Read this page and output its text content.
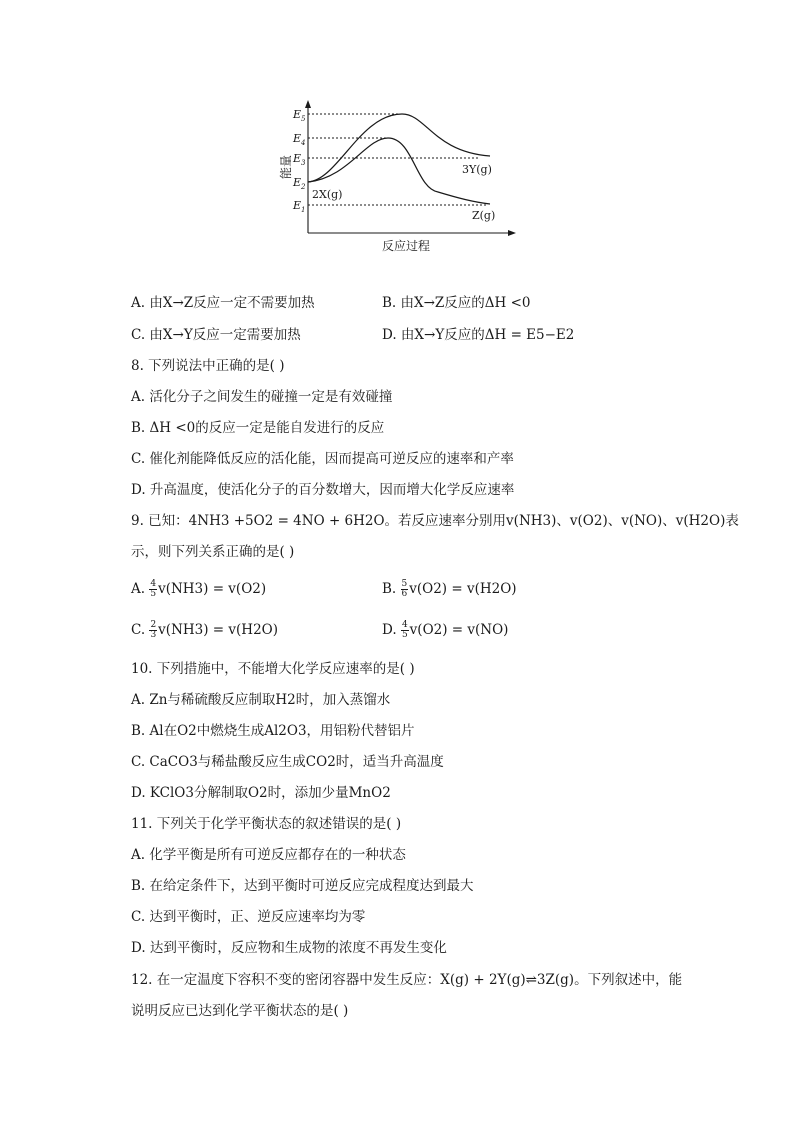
能量
反应过程
$E_5$
$E_4$
$E_3$
$E_2$
$E_1$
2X(g)
3Y(g)
Z(g)
A. 由X→Z反应一定不需要加热	B. 由X→Z反应的ΔH <0
C. 由X→Y反应一定需要加热	D. 由X→Y反应的ΔH = E5−E2
8. 下列说法中正确的是( )
A. 活化分子之间发生的碰撞一定是有效碰撞
B. ΔH <0的反应一定是能自发进行的反应
C. 催化剂能降低反应的活化能，因而提高可逆反应的速率和产率
D. 升高温度，使活化分子的百分数增大，因而增大化学反应速率
9. 已知：4NH3 +5O2 = 4NO + 6H2O。若反应速率分别用v(NH3)、v(O2)、v(NO)、v(H2O)表
示，则下列关系正确的是( )
A. $\frac{4}{5} v(NH3) = v(O2)$	B. $\frac{5}{6} v(O2) = v(H2O)$
C. $\frac{2}{3} v(NH3) = v(H2O)$	D. $\frac{4}{5} v(O2) = v(NO)$
10. 下列措施中，不能增大化学反应速率的是( )
A. Zn与稀硫酸反应制取H2时，加入蒸馏水
B. Al在O2中燃烧生成Al2O3，用铝粉代替铝片
C. CaCO3与稀盐酸反应生成CO2时，适当升高温度
D. KClO3分解制取O2时，添加少量MnO2
11. 下列关于化学平衡状态的叙述错误的是( )
A. 化学平衡是所有可逆反应都存在的一种状态
B. 在给定条件下，达到平衡时可逆反应完成程度达到最大
C. 达到平衡时，正、逆反应速率均为零
D. 达到平衡时，反应物和生成物的浓度不再发生变化
12. 在一定温度下容积不变的密闭容器中发生反应：X(g) + 2Y(g)⇌3Z(g)。下列叙述中，能
说明反应已达到化学平衡状态的是( )
